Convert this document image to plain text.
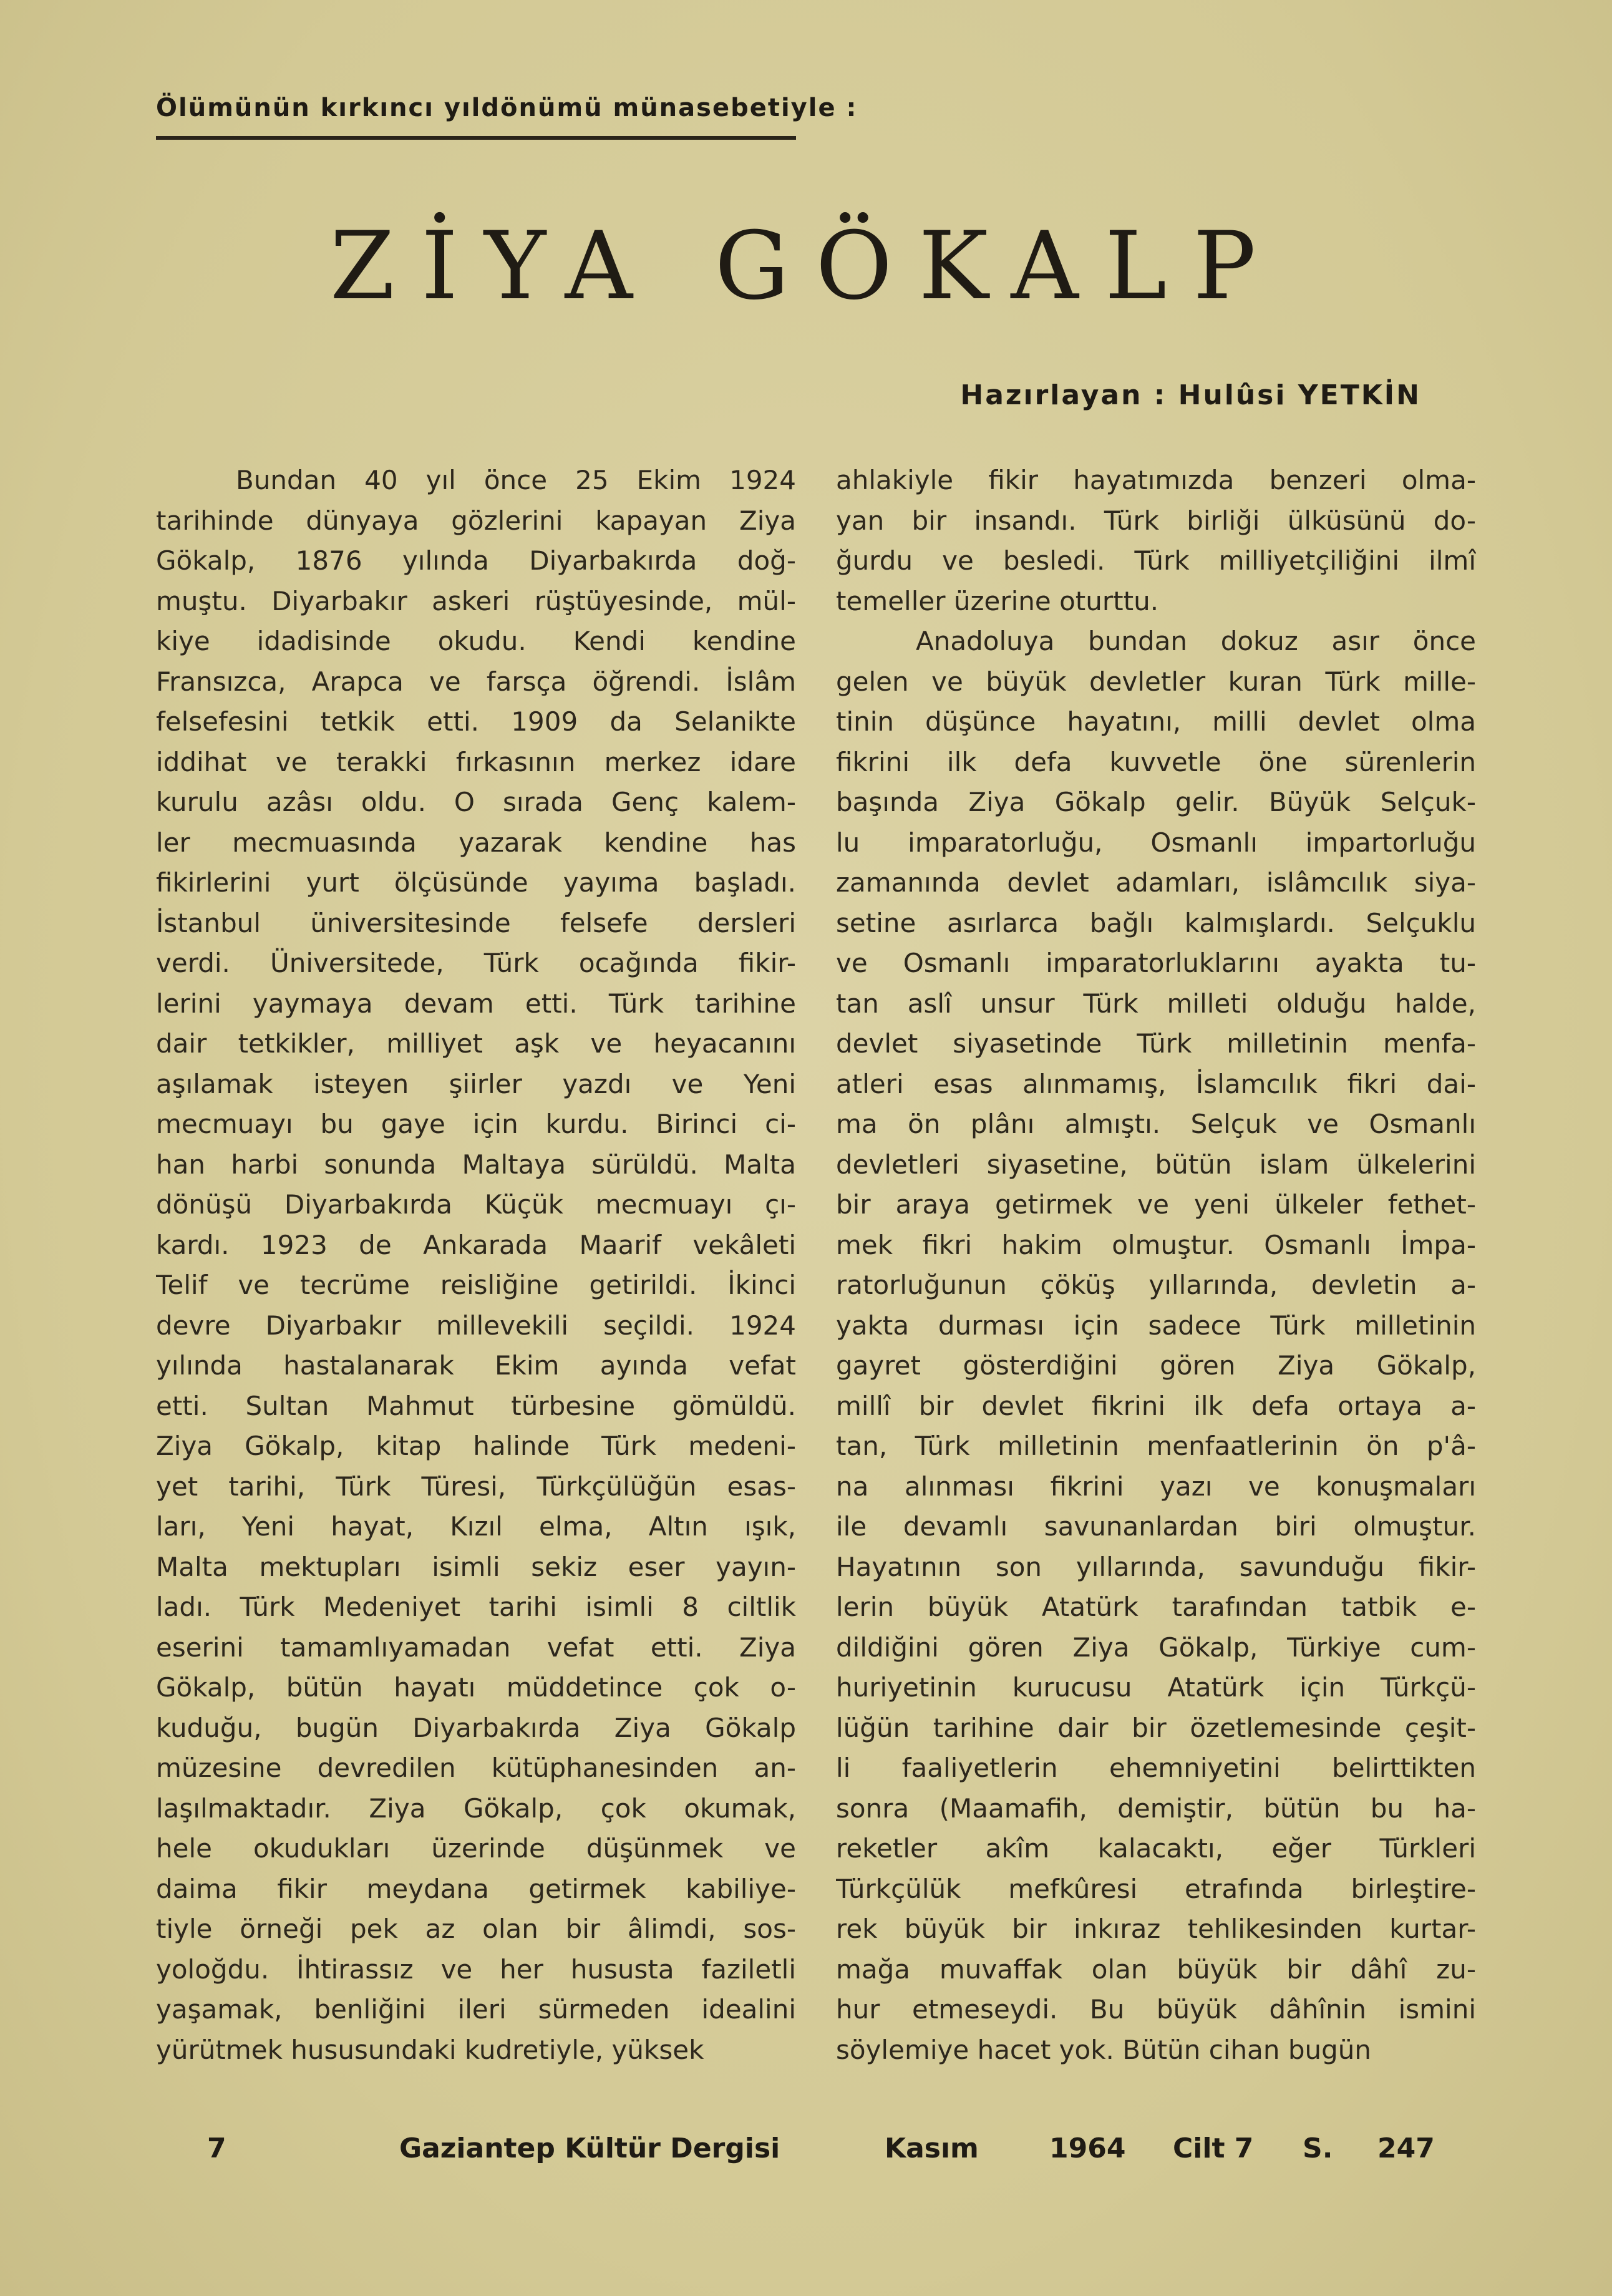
Ölümünün kırkıncı yıldönümü münasebetiyle :
ZİYA GÖKALP
Hazırlayan : Hulûsi YETKİN
Bundan 40 yıl önce 25 Ekim 1924
tarihinde dünyaya gözlerini kapayan Ziya
Gökalp, 1876 yılında Diyarbakırda doğ-
muştu. Diyarbakır askeri rüştüyesinde, mül-
kiye idadisinde okudu. Kendi kendine
Fransızca, Arapca ve farsça öğrendi. İslâm
felsefesini tetkik etti. 1909 da Selanikte
iddihat ve terakki fırkasının merkez idare
kurulu azâsı oldu. O sırada Genç kalem-
ler mecmuasında yazarak kendine has
fikirlerini yurt ölçüsünde yayıma başladı.
İstanbul üniversitesinde felsefe dersleri
verdi. Üniversitede, Türk ocağında fikir-
lerini yaymaya devam etti. Türk tarihine
dair tetkikler, milliyet aşk ve heyacanını
aşılamak isteyen şiirler yazdı ve Yeni
mecmuayı bu gaye için kurdu. Birinci ci-
han harbi sonunda Maltaya sürüldü. Malta
dönüşü Diyarbakırda Küçük mecmuayı çı-
kardı. 1923 de Ankarada Maarif vekâleti
Telif ve tecrüme reisliğine getirildi. İkinci
devre Diyarbakır millevekili seçildi. 1924
yılında hastalanarak Ekim ayında vefat
etti. Sultan Mahmut türbesine gömüldü.
Ziya Gökalp, kitap halinde Türk medeni-
yet tarihi, Türk Türesi, Türkçülüğün esas-
ları, Yeni hayat, Kızıl elma, Altın ışık,
Malta mektupları isimli sekiz eser yayın-
ladı. Türk Medeniyet tarihi isimli 8 ciltlik
eserini tamamlıyamadan vefat etti. Ziya
Gökalp, bütün hayatı müddetince çok o-
kuduğu, bugün Diyarbakırda Ziya Gökalp
müzesine devredilen kütüphanesinden an-
laşılmaktadır. Ziya Gökalp, çok okumak,
hele okudukları üzerinde düşünmek ve
daima fikir meydana getirmek kabiliye-
tiyle örneği pek az olan bir âlimdi, sos-
yoloğdu. İhtirassız ve her hususta faziletli
yaşamak, benliğini ileri sürmeden idealini
yürütmek hususundaki kudretiyle, yüksek
ahlakiyle fikir hayatımızda benzeri olma-
yan bir insandı. Türk birliği ülküsünü do-
ğurdu ve besledi. Türk milliyetçiliğini ilmî
temeller üzerine oturttu.
Anadoluya bundan dokuz asır önce
gelen ve büyük devletler kuran Türk mille-
tinin düşünce hayatını, milli devlet olma
fikrini ilk defa kuvvetle öne sürenlerin
başında Ziya Gökalp gelir. Büyük Selçuk-
lu imparatorluğu, Osmanlı impartorluğu
zamanında devlet adamları, islâmcılık siya-
setine asırlarca bağlı kalmışlardı. Selçuklu
ve Osmanlı imparatorluklarını ayakta tu-
tan aslî unsur Türk milleti olduğu halde,
devlet siyasetinde Türk milletinin menfa-
atleri esas alınmamış, İslamcılık fikri dai-
ma ön plânı almıştı. Selçuk ve Osmanlı
devletleri siyasetine, bütün islam ülkelerini
bir araya getirmek ve yeni ülkeler fethet-
mek fikri hakim olmuştur. Osmanlı İmpa-
ratorluğunun çöküş yıllarında, devletin a-
yakta durması için sadece Türk milletinin
gayret gösterdiğini gören Ziya Gökalp,
millî bir devlet fikrini ilk defa ortaya a-
tan, Türk milletinin menfaatlerinin ön p'â-
na alınması fikrini yazı ve konuşmaları
ile devamlı savunanlardan biri olmuştur.
Hayatının son yıllarında, savunduğu fikir-
lerin büyük Atatürk tarafından tatbik e-
dildiğini gören Ziya Gökalp, Türkiye cum-
huriyetinin kurucusu Atatürk için Türkçü-
lüğün tarihine dair bir özetlemesinde çeşit-
li faaliyetlerin ehemniyetini belirttikten
sonra (Maamafih, demiştir, bütün bu ha-
reketler akîm kalacaktı, eğer Türkleri
Türkçülük mefkûresi etrafında birleştire-
rek büyük bir inkıraz tehlikesinden kurtar-
mağa muvaffak olan büyük bir dâhî zu-
hur etmeseydi. Bu büyük dâhînin ismini
söylemiye hacet yok. Bütün cihan bugün
7	Gaziantep Kültür Dergisi	Kasım	1964 Cilt 7 S. 247
